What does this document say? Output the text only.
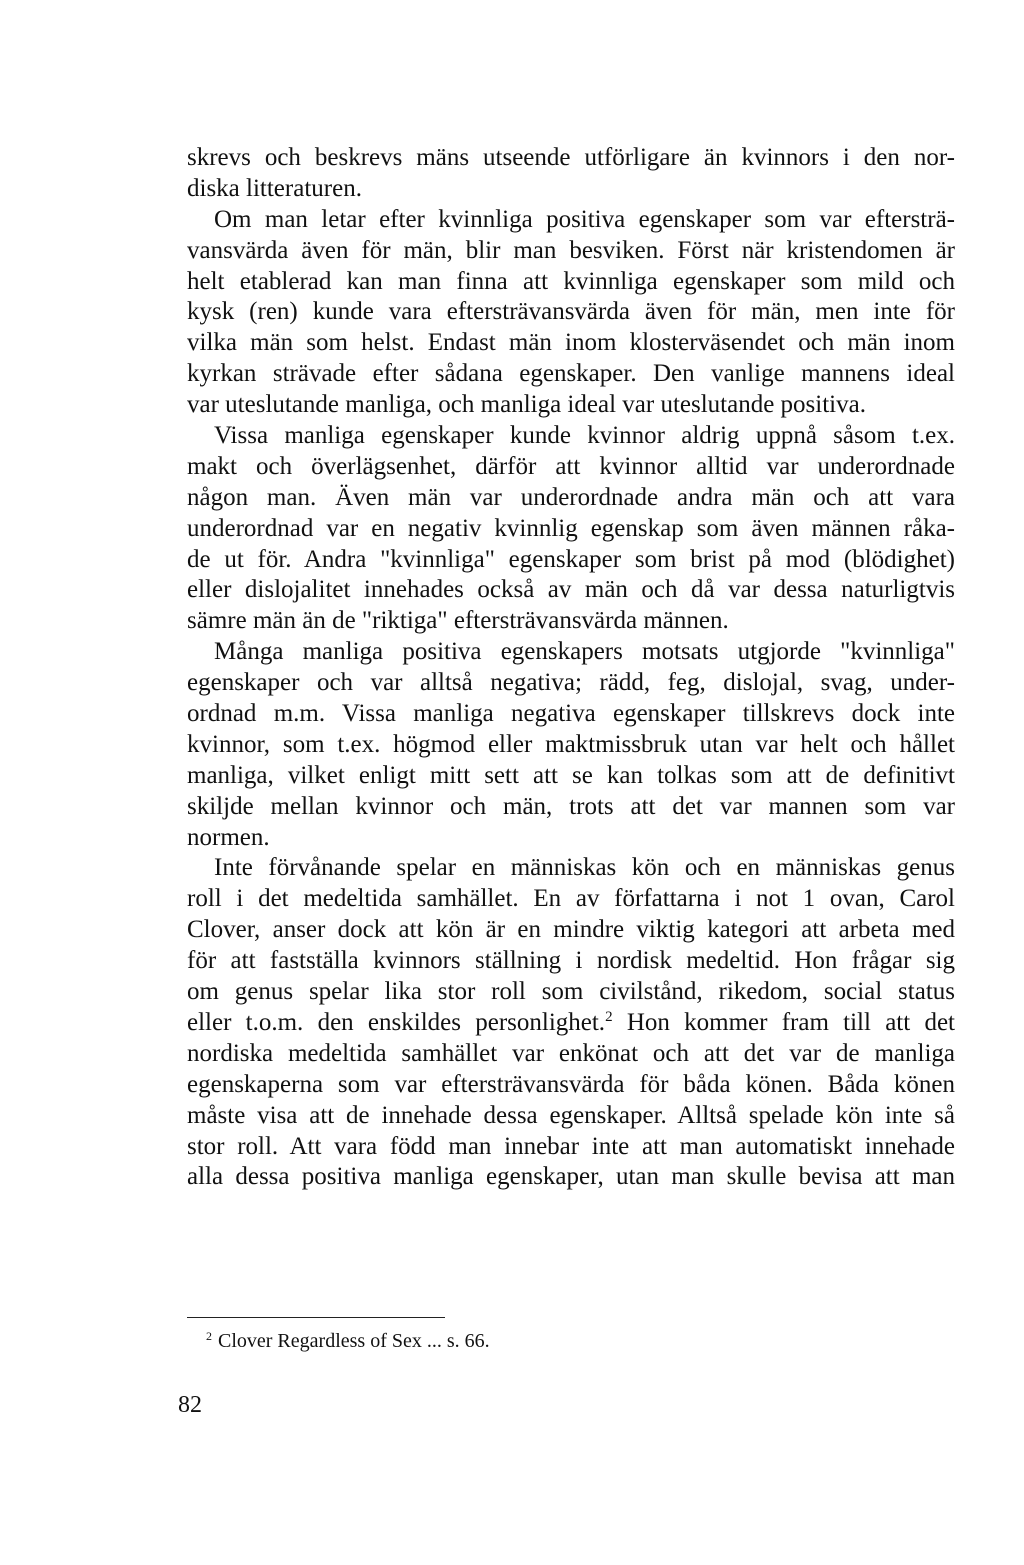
skrevs och beskrevs mäns utseende utförligare än kvinnors i den nor-
diska litteraturen.
Om man letar efter kvinnliga positiva egenskaper som var eftersträ-
vansvärda även för män, blir man besviken. Först när kristendomen är
helt etablerad kan man finna att kvinnliga egenskaper som mild och
kysk (ren) kunde vara eftersträvansvärda även för män, men inte för
vilka män som helst. Endast män inom klosterväsendet och män inom
kyrkan strävade efter sådana egenskaper. Den vanlige mannens ideal
var uteslutande manliga, och manliga ideal var uteslutande positiva.
Vissa manliga egenskaper kunde kvinnor aldrig uppnå såsom t.ex.
makt och överlägsenhet, därför att kvinnor alltid var underordnade
någon man. Även män var underordnade andra män och att vara
underordnad var en negativ kvinnlig egenskap som även männen råka-
de ut för. Andra "kvinnliga" egenskaper som brist på mod (blödighet)
eller dislojalitet innehades också av män och då var dessa naturligtvis
sämre män än de "riktiga" eftersträvansvärda männen.
Många manliga positiva egenskapers motsats utgjorde "kvinnliga"
egenskaper och var alltså negativa; rädd, feg, dislojal, svag, under-
ordnad m.m. Vissa manliga negativa egenskaper tillskrevs dock inte
kvinnor, som t.ex. högmod eller maktmissbruk utan var helt och hållet
manliga, vilket enligt mitt sett att se kan tolkas som att de definitivt
skiljde mellan kvinnor och män, trots att det var mannen som var
normen.
Inte förvånande spelar en människas kön och en människas genus
roll i det medeltida samhället. En av författarna i not 1 ovan, Carol
Clover, anser dock att kön är en mindre viktig kategori att arbeta med
för att fastställa kvinnors ställning i nordisk medeltid. Hon frågar sig
om genus spelar lika stor roll som civilstånd, rikedom, social status
eller t.o.m. den enskildes personlighet.$^2$ Hon kommer fram till att det
nordiska medeltida samhället var enkönat och att det var de manliga
egenskaperna som var eftersträvansvärda för båda könen. Båda könen
måste visa att de innehade dessa egenskaper. Alltså spelade kön inte så
stor roll. Att vara född man innebar inte att man automatiskt innehade
alla dessa positiva manliga egenskaper, utan man skulle bevisa att man
$^2$ Clover Regardless of Sex ... s. 66.
82
